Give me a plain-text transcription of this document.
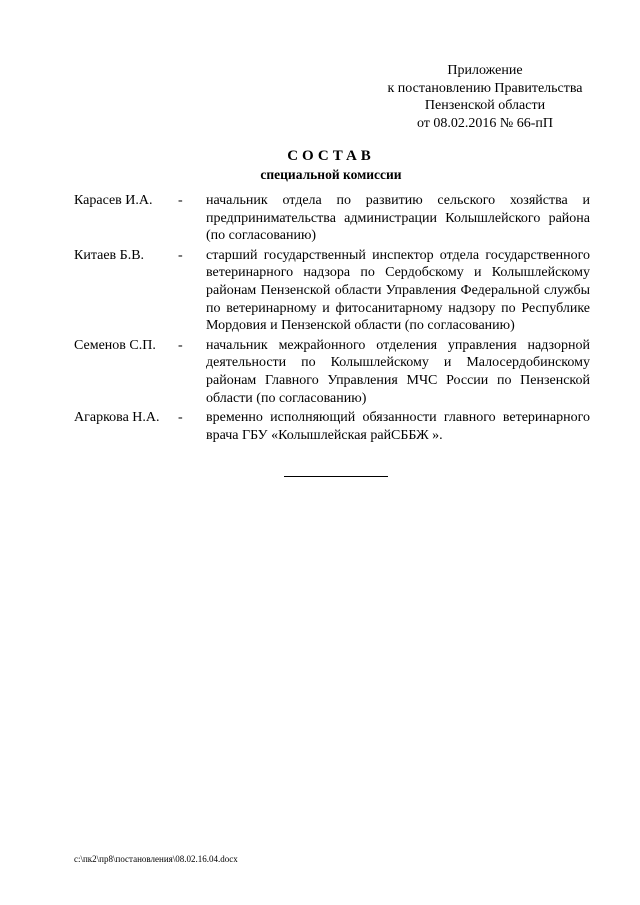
Приложение
к постановлению Правительства
Пензенской области
от 08.02.2016 № 66-пП
СОСТАВ
специальной комиссии
Карасев И.А.	-	начальник отдела по развитию сельского хозяйства и предпринимательства администрации Колышлейского района (по согласованию)
Китаев Б.В.	-	старший государственный инспектор отдела государственного ветеринарного надзора по Сердобскому и Колышлейскому районам Пензенской области Управления Федеральной службы по ветеринарному и фитосанитарному надзору по Республике Мордовия и Пензенской области (по согласованию)
Семенов С.П.	-	начальник межрайонного отделения управления надзорной деятельности по Колышлейскому и Малосердобинскому районам Главного Управления МЧС России по Пензенской области (по согласованию)
Агаркова Н.А.	-	временно исполняющий обязанности главного ветеринарного врача ГБУ «Колышлейская райСББЖ ».
c:\пк2\пр8\постановления\08.02.16.04.docx
